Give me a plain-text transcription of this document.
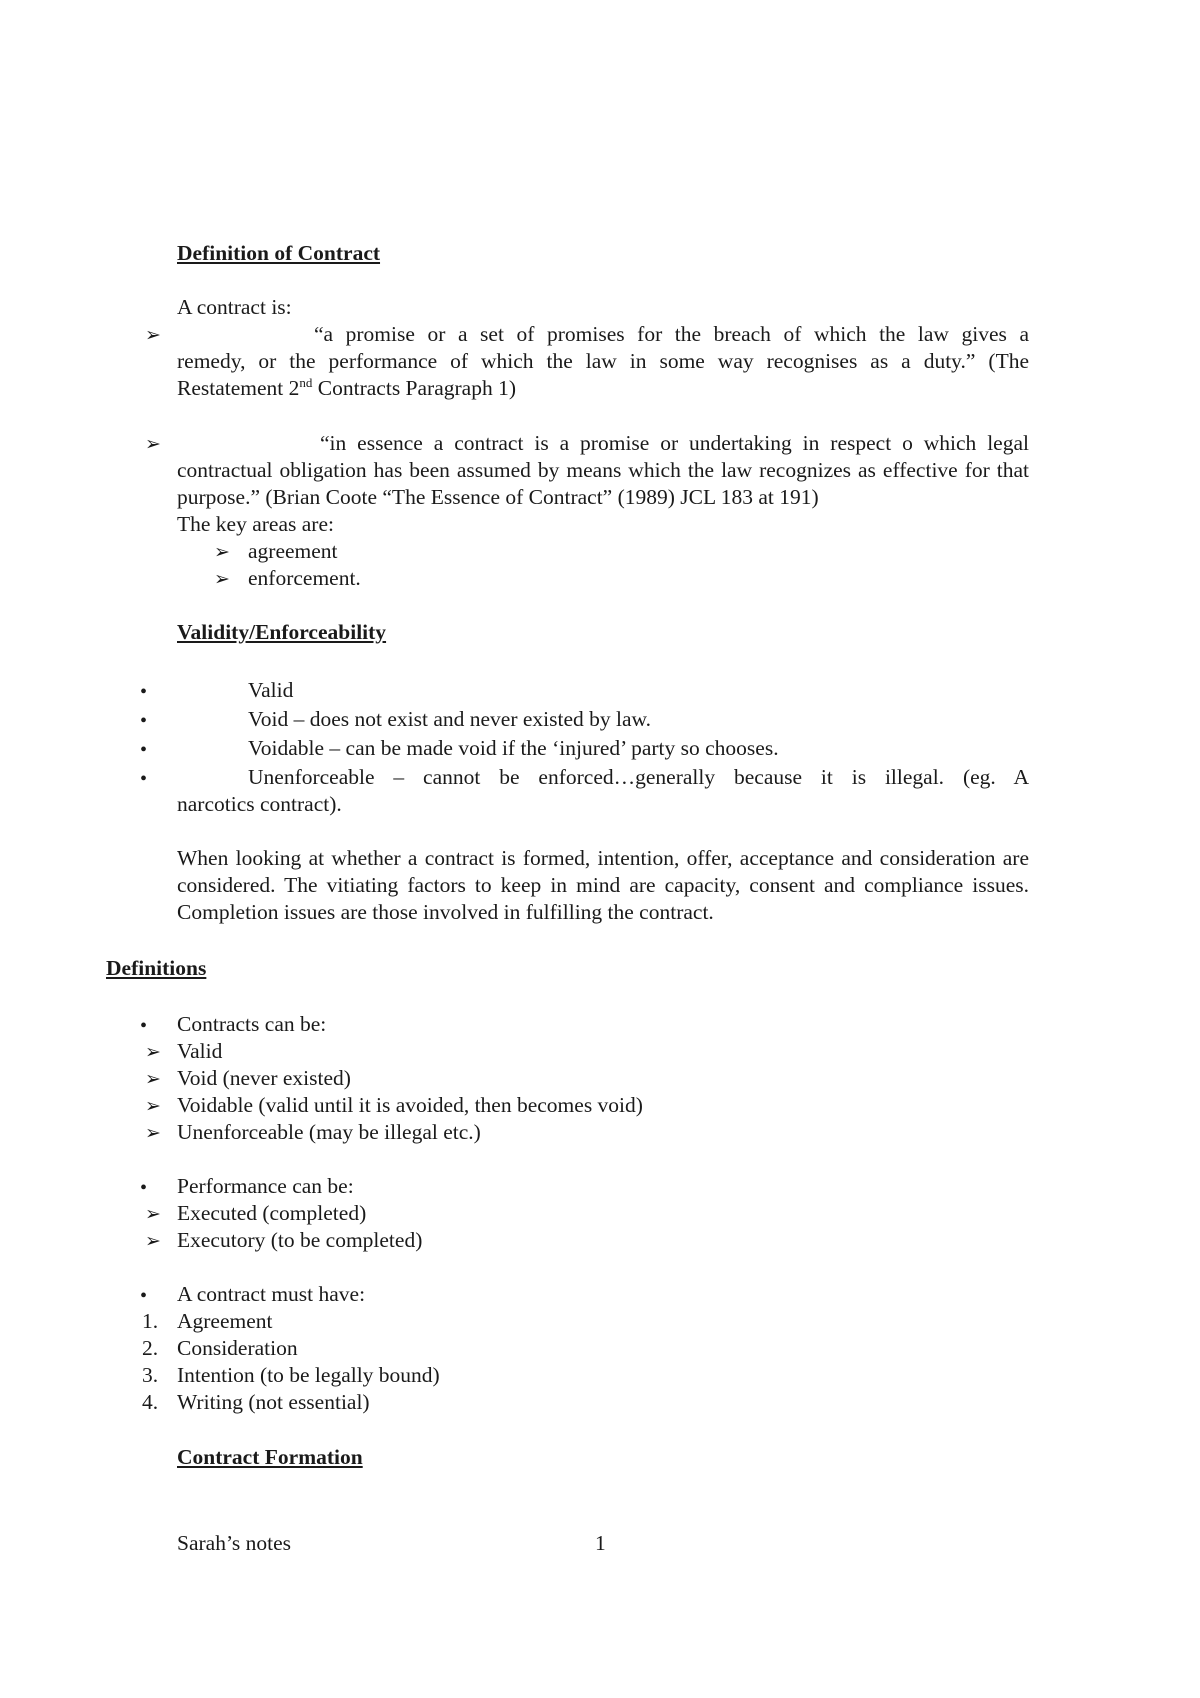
Definition of Contract
A contract is:
➢	“a promise or a set of promises for the breach of which the law gives a
remedy, or the performance of which the law in some way recognises as a duty.” (The
Restatement 2nd Contracts Paragraph 1)
➢	“in essence a contract is a promise or undertaking in respect o which legal
contractual obligation has been assumed by means which the law recognizes as effective for that purpose.” (Brian Coote “The Essence of Contract” (1989) JCL 183 at 191)
The key areas are:
➢ agreement
➢ enforcement.
Validity/Enforceability
•	Valid
•	Void – does not exist and never existed by law.
•	Voidable – can be made void if the ‘injured’ party so chooses.
•	Unenforceable – cannot be enforced…generally because it is illegal. (eg. A
narcotics contract).
When looking at whether a contract is formed, intention, offer, acceptance and consideration are considered. The vitiating factors to keep in mind are capacity, consent and compliance issues. Completion issues are those involved in fulfilling the contract.
Definitions
• Contracts can be:
➢ Valid
➢ Void (never existed)
➢ Voidable (valid until it is avoided, then becomes void)
➢ Unenforceable (may be illegal etc.)
• Performance can be:
➢ Executed (completed)
➢ Executory (to be completed)
• A contract must have:
1. Agreement
2. Consideration
3. Intention (to be legally bound)
4. Writing (not essential)
Contract Formation
Sarah’s notes	1
